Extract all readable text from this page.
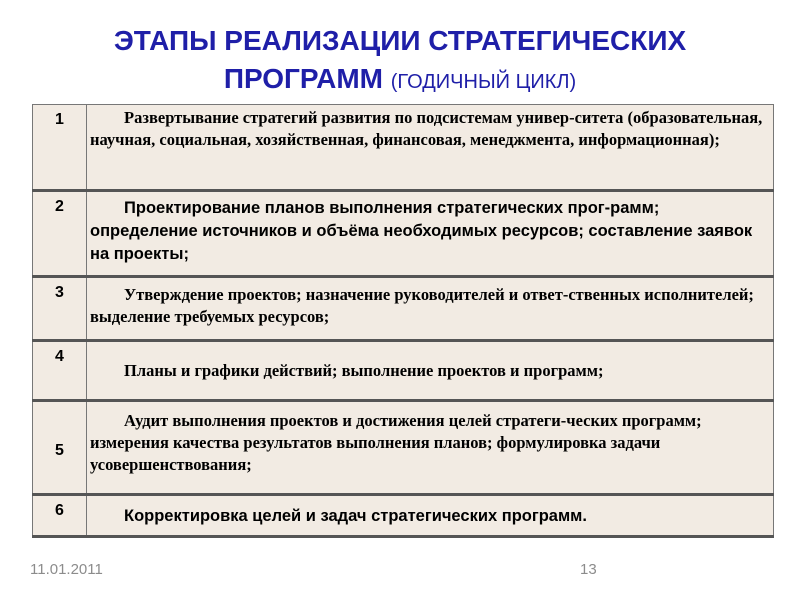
ЭТАПЫ РЕАЛИЗАЦИИ СТРАТЕГИЧЕСКИХ
ПРОГРАММ (ГОДИЧНЫЙ ЦИКЛ)
1	Развертывание стратегий развития по подсистемам универ-ситета (образовательная, научная, социальная, хозяйственная, финансовая, менеджмента, информационная);
2	Проектирование планов выполнения стратегических прог-рамм; определение источников и объёма необходимых ресурсов; составление заявок на проекты;
3	Утверждение проектов; назначение руководителей и ответ-ственных исполнителей; выделение требуемых ресурсов;
4	Планы и графики действий; выполнение проектов и программ;
5	Аудит выполнения проектов и достижения целей стратеги-ческих программ; измерения качества результатов выполнения планов; формулировка задачи усовершенствования;
6	Корректировка целей и задач стратегических программ.
11.01.2011	13
